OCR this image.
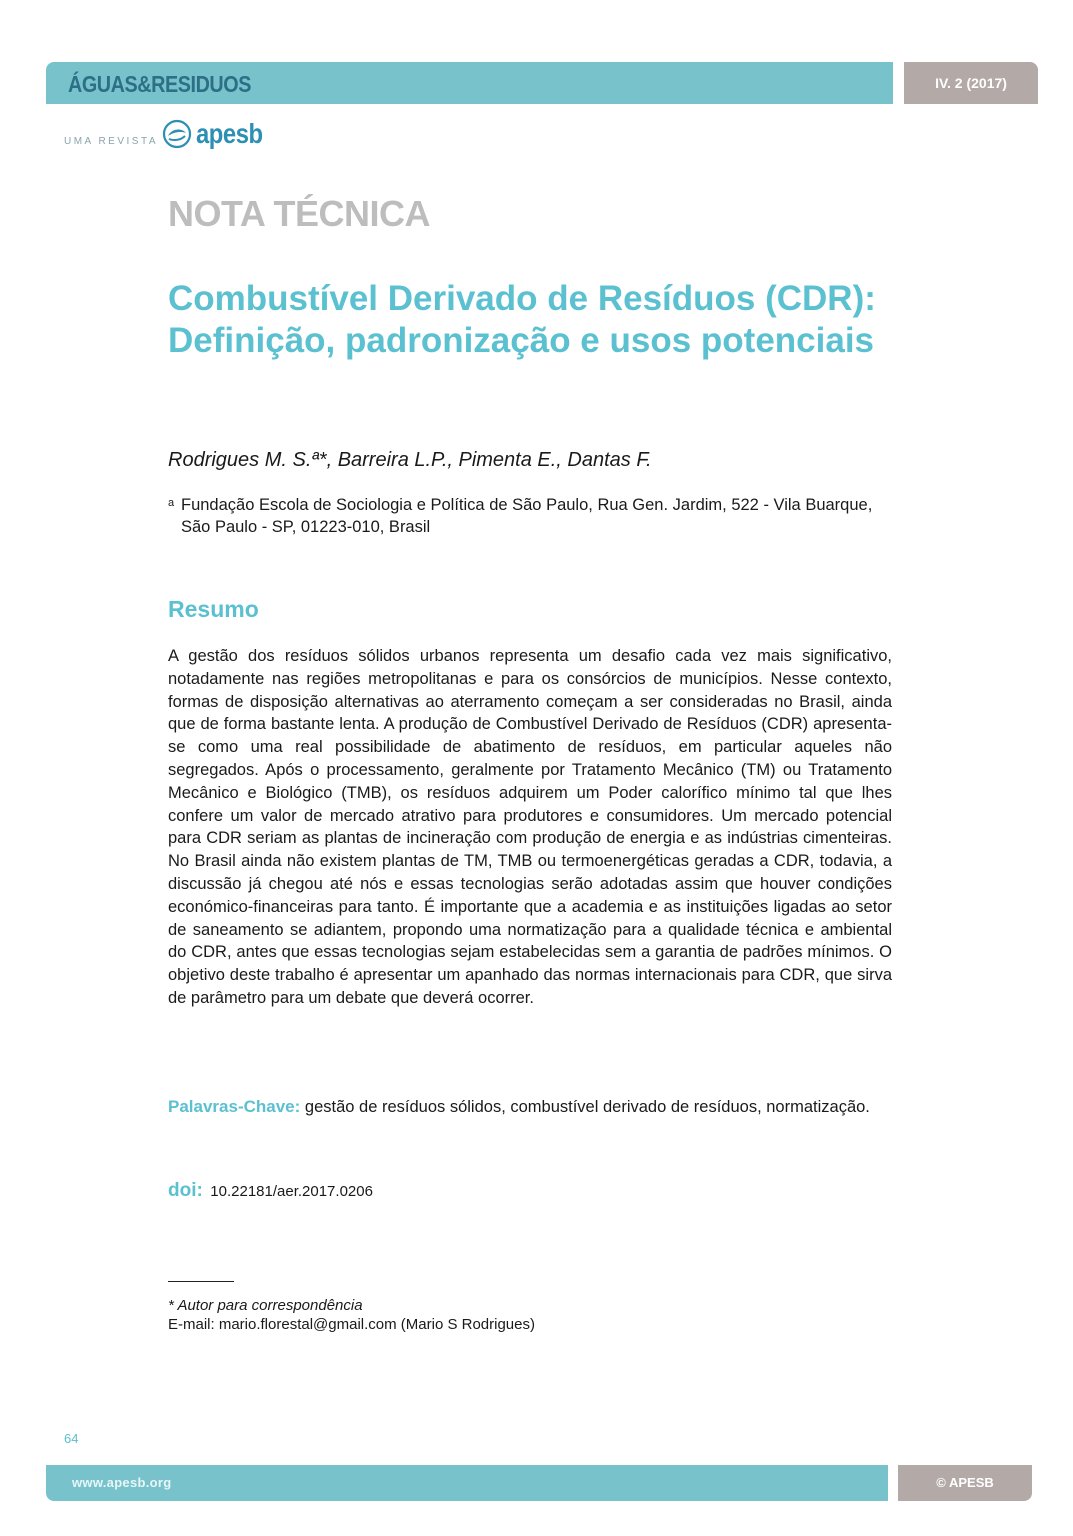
ÁGUAS&RESIDUOS	IV. 2 (2017)
UMA REVISTA apesb
NOTA TÉCNICA
Combustível Derivado de Resíduos (CDR): Definição, padronização e usos potenciais
Rodrigues M. S.ª*, Barreira L.P., Pimenta E., Dantas F.
a Fundação Escola de Sociologia e Política de São Paulo, Rua Gen. Jardim, 522 - Vila Buarque, São Paulo - SP, 01223-010, Brasil
Resumo

A gestão dos resíduos sólidos urbanos representa um desafio cada vez mais significativo, notadamente nas regiões metropolitanas e para os consórcios de municípios. Nesse contexto, formas de disposição alternativas ao aterramento começam a ser consideradas no Brasil, ainda que de forma bastante lenta. A produção de Combustível Derivado de Resíduos (CDR) apresenta-se como uma real possibilidade de abatimento de resíduos, em particular aqueles não segregados. Após o processamento, geralmente por Tratamento Mecânico (TM) ou Tratamento Mecânico e Biológico (TMB), os resíduos adquirem um Poder calorífico mínimo tal que lhes confere um valor de mercado atrativo para produtores e consumidores. Um mercado potencial para CDR seriam as plantas de incineração com produção de energia e as indústrias cimenteiras. No Brasil ainda não existem plantas de TM, TMB ou termoenergéticas geradas a CDR, todavia, a discussão já chegou até nós e essas tecnologias serão adotadas assim que houver condições económico-financeiras para tanto. É importante que a academia e as instituições ligadas ao setor de saneamento se adiantem, propondo uma normatização para a qualidade técnica e ambiental do CDR, antes que essas tecnologias sejam estabelecidas sem a garantia de padrões mínimos. O objetivo deste trabalho é apresentar um apanhado das normas internacionais para CDR, que sirva de parâmetro para um debate que deverá ocorrer.

Palavras-Chave: gestão de resíduos sólidos, combustível derivado de resíduos, normatização.

doi: 10.22181/aer.2017.0206
* Autor para correspondência
E-mail: mario.florestal@gmail.com (Mario S Rodrigues)
64
www.apesb.org	© APESB
